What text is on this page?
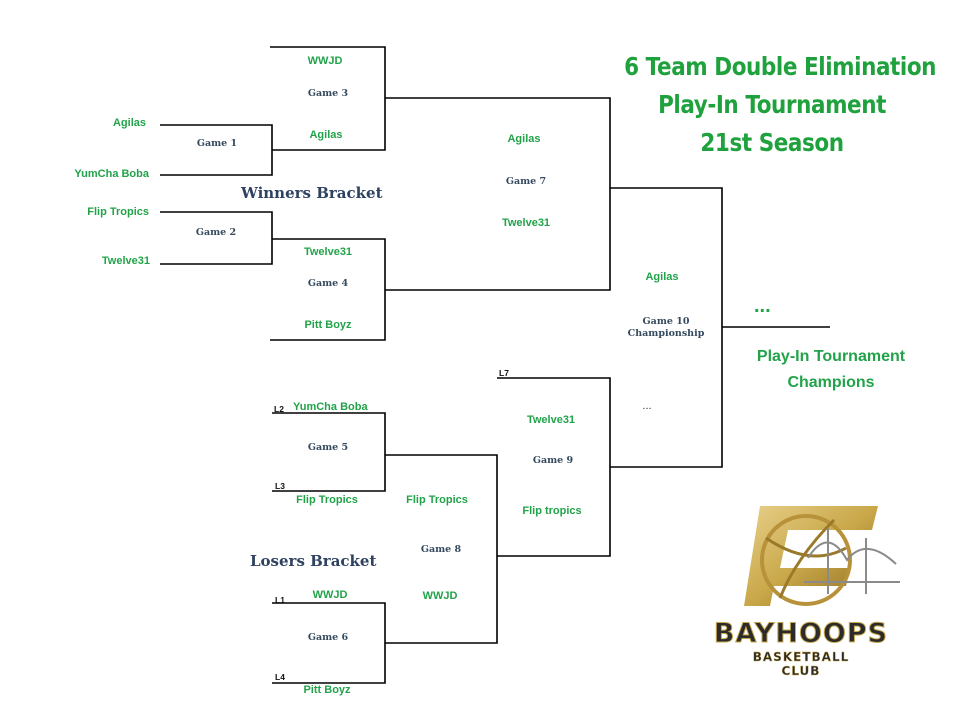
6 Team Double Elimination
Play-In Tournament
21st Season
Winners Bracket
Losers Bracket
Game 1
Game 2
Game 3
Game 4
Game 7
Game 5
Game 6
Game 8
Game 9
Game 10
Championship
Agilas
YumCha Boba
Flip Tropics
Twelve31
WWJD
Agilas
Twelve31
Pitt Boyz
Agilas
Twelve31
L2 YumCha Boba
L3
Flip Tropics
L1	WWJD
L4
Pitt Boyz
Flip Tropics
WWJD
L7
Twelve31
Flip tropics
Agilas
...
...
Play-In Tournament
Champions
BAYHOOPS
BASKETBALL CLUB
